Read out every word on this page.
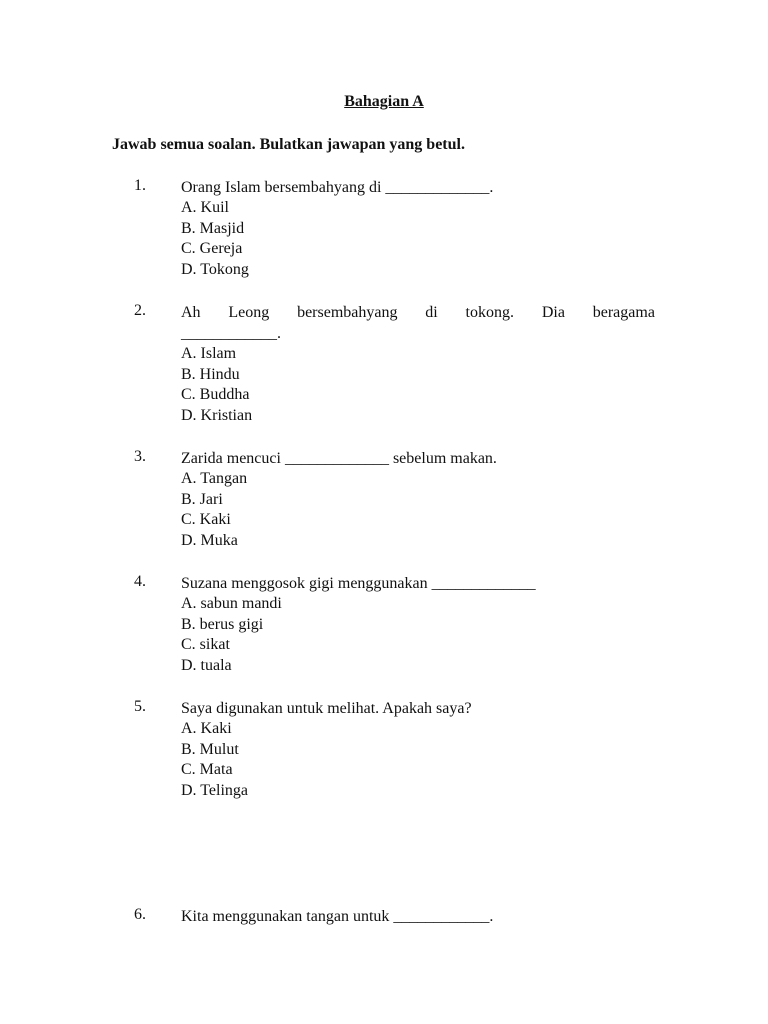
Bahagian A
Jawab semua soalan. Bulatkan jawapan yang betul.
1.	Orang Islam bersembahyang di _____________.
A. Kuil
B. Masjid
C. Gereja
D. Tokong
2.	Ah Leong bersembahyang di tokong. Dia beragama
____________.
A. Islam
B. Hindu
C. Buddha
D. Kristian
3.	Zarida mencuci _____________ sebelum makan.
A. Tangan
B. Jari
C. Kaki
D. Muka
4.	Suzana menggosok gigi menggunakan _____________
A. sabun mandi
B. berus gigi
C. sikat
D. tuala
5.	Saya digunakan untuk melihat. Apakah saya?
A. Kaki
B. Mulut
C. Mata
D. Telinga
6.	Kita menggunakan tangan untuk ____________.
